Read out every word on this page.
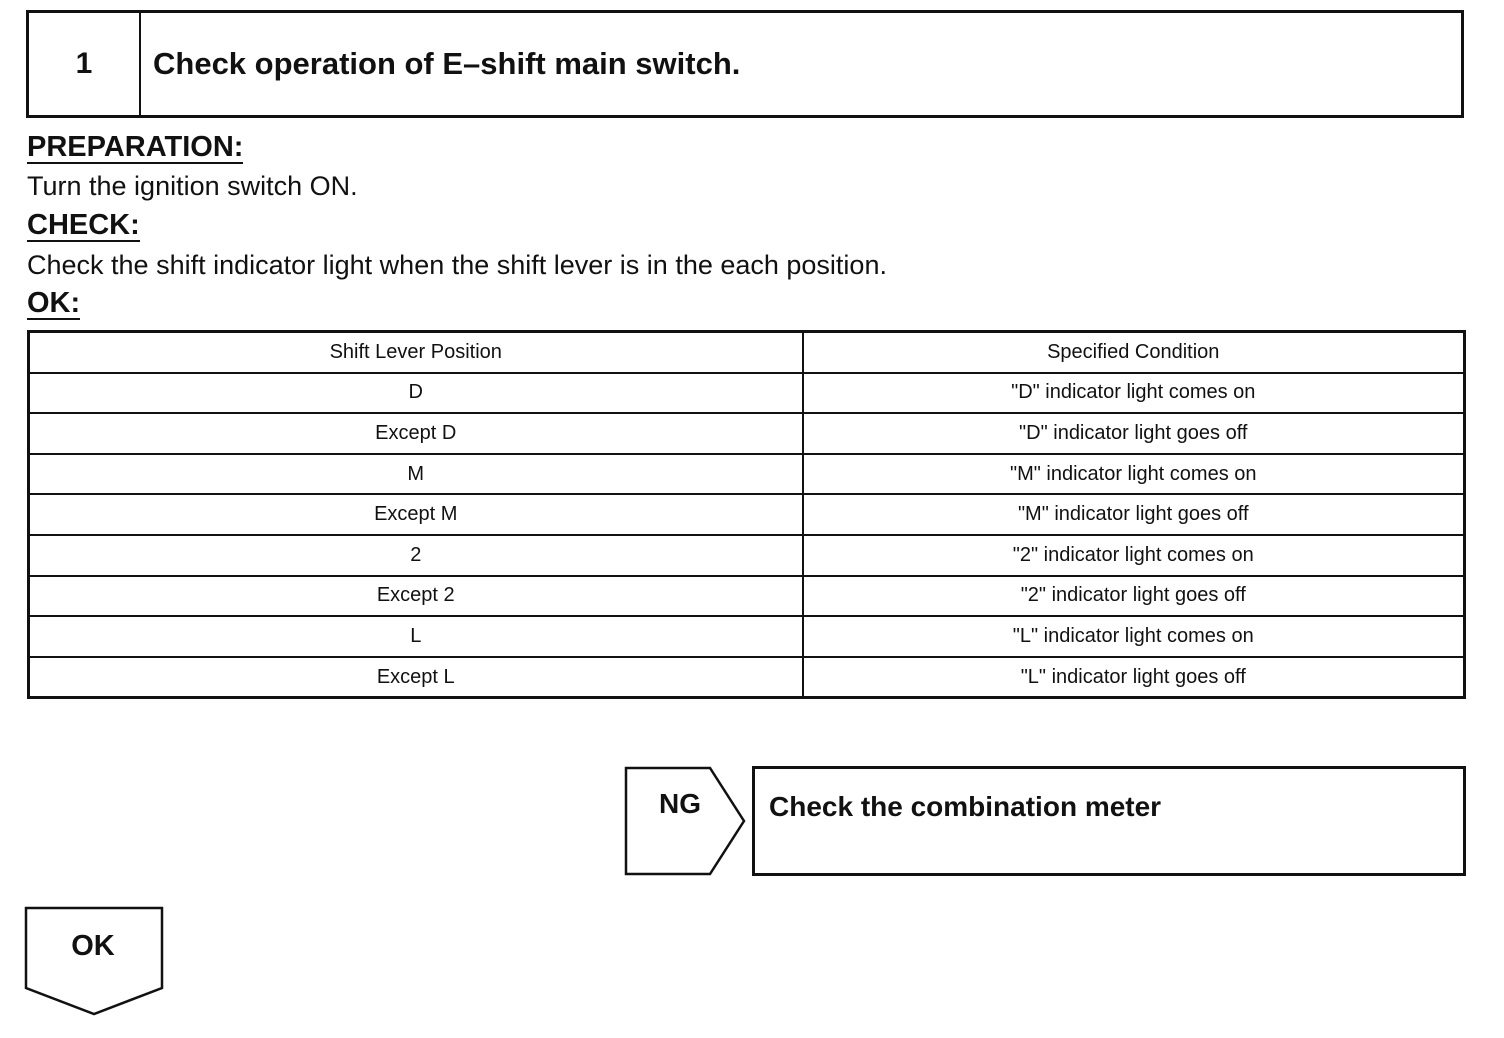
1	Check operation of E–shift main switch.
PREPARATION:
Turn the ignition switch ON.
CHECK:
Check the shift indicator light when the shift lever is in the each position.
OK:
Shift Lever Position	Specified Condition
D	"D" indicator light comes on
Except D	"D" indicator light goes off
M	"M" indicator light comes on
Except M	"M" indicator light goes off
2	"2" indicator light comes on
Except 2	"2" indicator light goes off
L	"L" indicator light comes on
Except L	"L" indicator light goes off
NG	Check the combination meter
OK
